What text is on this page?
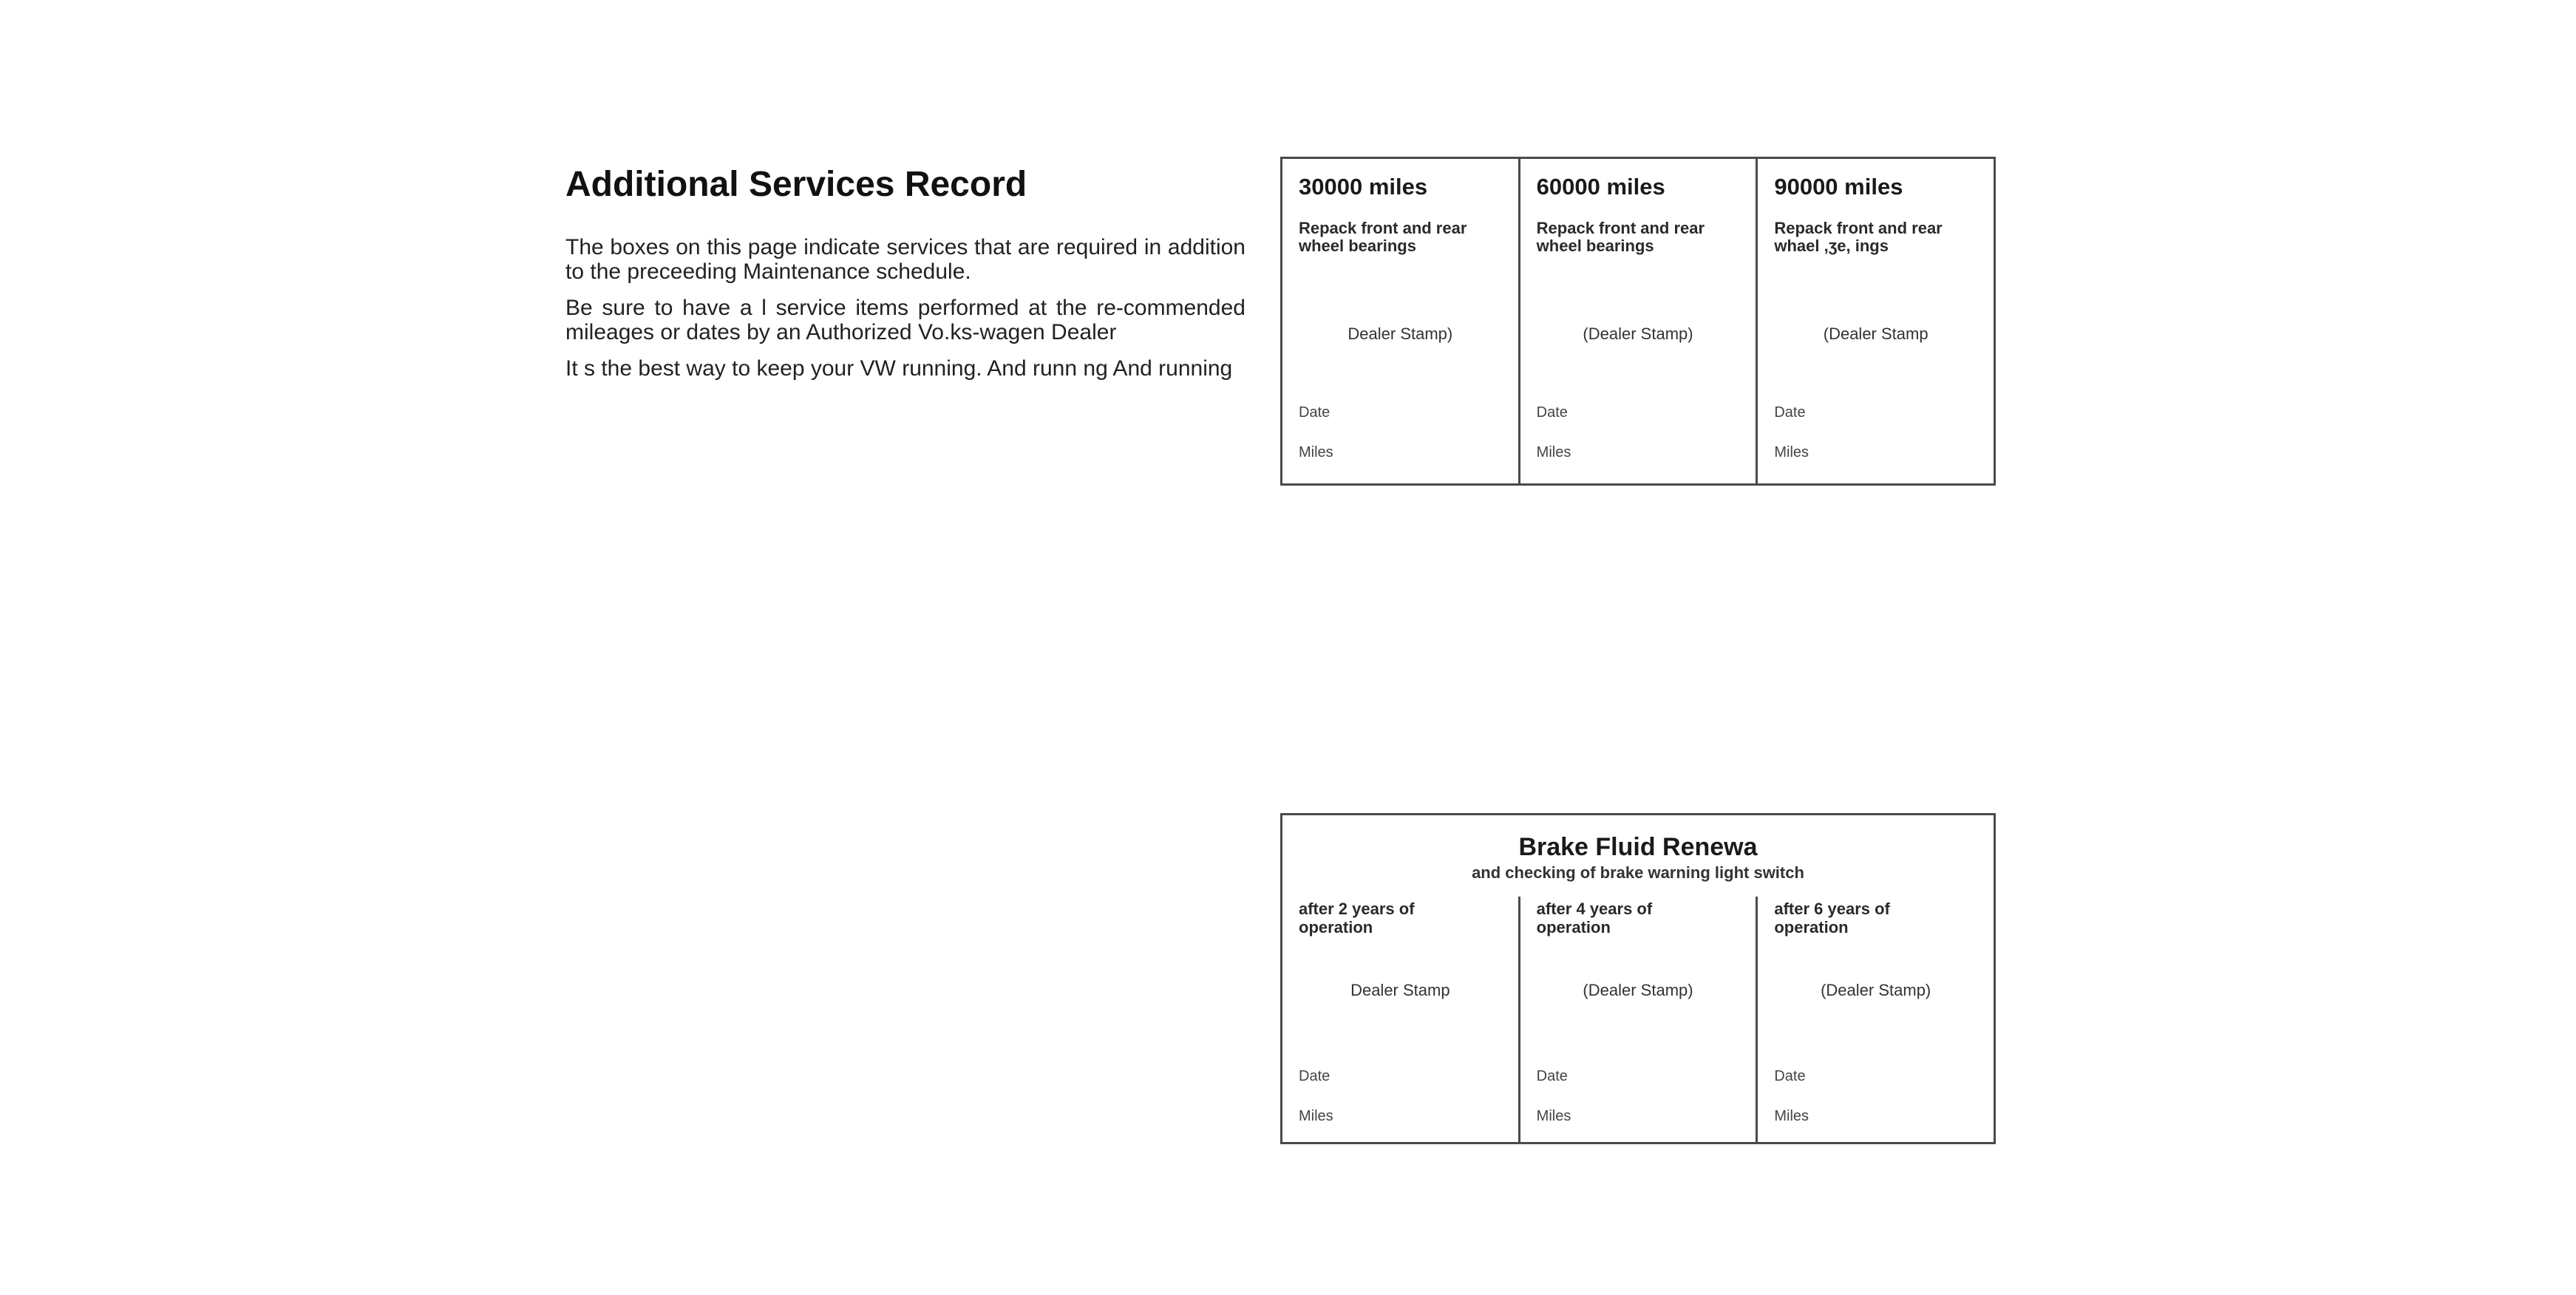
Additional Services Record

The boxes on this page indicate services that are required in addition to the preceeding Maintenance schedule.

Be sure to have a l service items performed at the re-commended mileages or dates by an Authorized Vo.ks-wagen Dealer

It s the best way to keep your VW running. And runn ng And running

30000 miles
Repack front and rear wheel bearings
Dealer Stamp)
Date
Miles
60000 miles
Repack front and rear wheel bearings
(Dealer Stamp)
Date
Miles
90000 miles
Repack front and rear whael ,ʒe, ings
(Dealer Stamp
Date
Miles
Brake Fluid Renewa
and checking of brake warning light switch
after 2 years of operation
Dealer Stamp
Date
Miles
after 4 years of operation
(Dealer Stamp)
Date
Miles
after 6 years of operation
(Dealer Stamp)
Date
Miles
